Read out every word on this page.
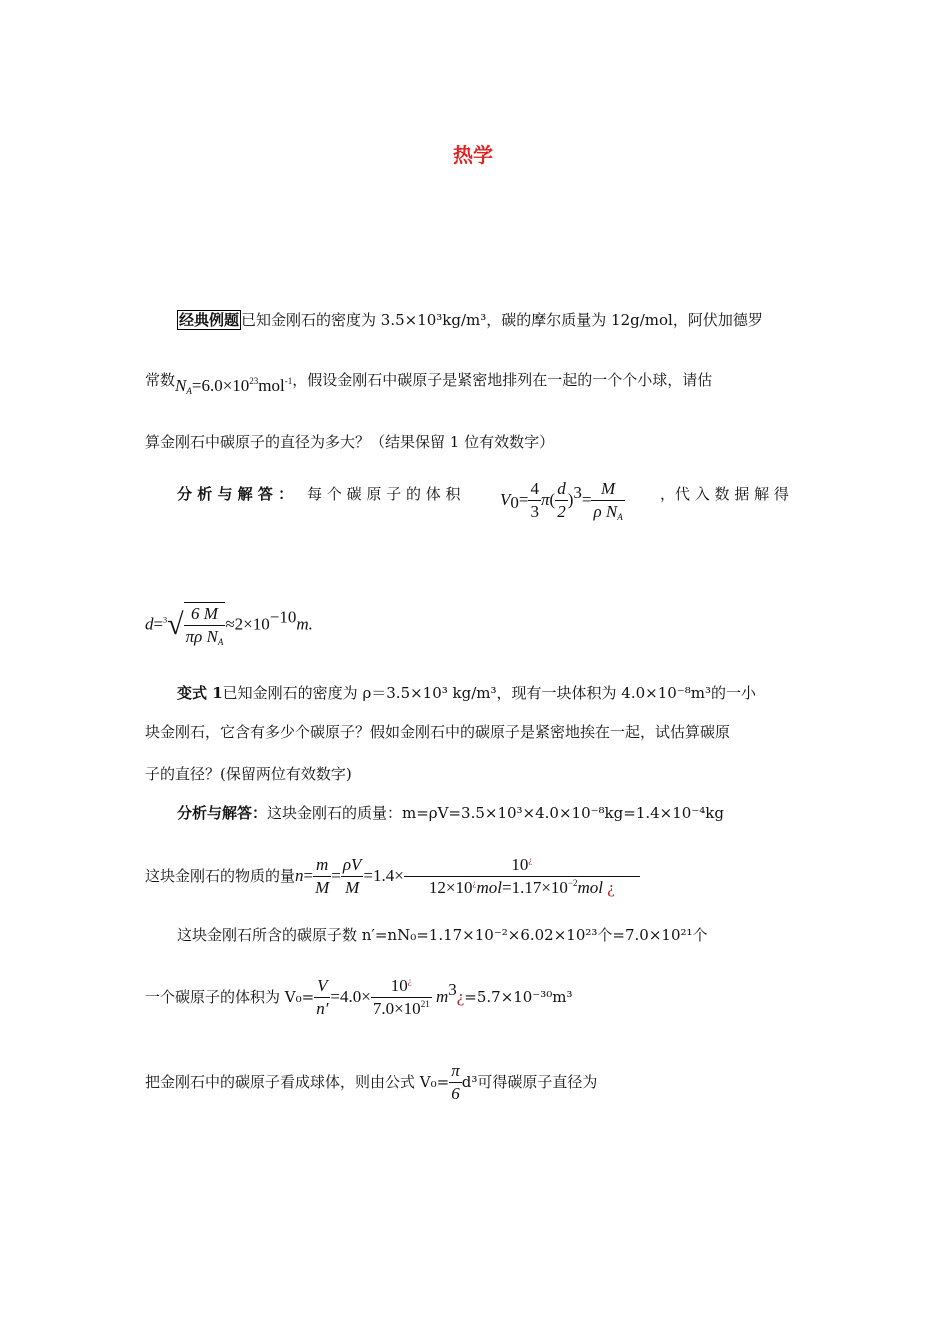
热学
经典例题 已知金刚石的密度为 3.5×10³kg/m³，碳的摩尔质量为 12g/mol，阿伏加德罗
常数$N_A=6.0\times 10^{23}mol^{-1}$，假设金刚石中碳原子是紧密地排列在一起的一个个小球，请估
算金刚石中碳原子的直径为多大？（结果保留 1 位有效数字）
分 析 与 解 答 ： 每 个 碳 原 子 的 体 积 $V_0= \frac{4}{3} \pi( \frac{d}{2} )^3= \frac{M}{\rho N_A}$ ，代 入 数 据 解 得
$d=^3√ \frac{6 M}{\pi\rho N_A} \approx 2\times 10^{-10}m$.
变式 1已知金刚石的密度为 ρ＝3.5×10³ kg/m³，现有一块体积为 4.0×10⁻⁸m³的一小
块金刚石，它含有多少个碳原子？假如金刚石中的碳原子是紧密地挨在一起，试估算碳原
子的直径？(保留两位有效数字)
分析与解答：这块金刚石的质量：m=ρV=3.5×10³×4.0×10⁻⁸kg=1.4×10⁻⁴kg
这块金刚石的物质的量$n= \frac{m}{M} = \frac{\rho V}{M} =1.4\times \frac{10^¿}{12\times 10^¿mol=1.17\times 10^{-2}mol ¿}$
这块金刚石所含的碳原子数 n′=nN₀=1.17×10⁻²×6.02×10²³个=7.0×10²¹个
一个碳原子的体积为 $V_0= \frac{V}{n'} =4.0\times \frac{10^¿}{7.0\times 10^{21}}$ $m^3¿=5.7\times 10^{-30}m^3$
把金刚石中的碳原子看成球体，则由公式 $V_0= \frac{\pi}{6} d^3$可得碳原子直径为
